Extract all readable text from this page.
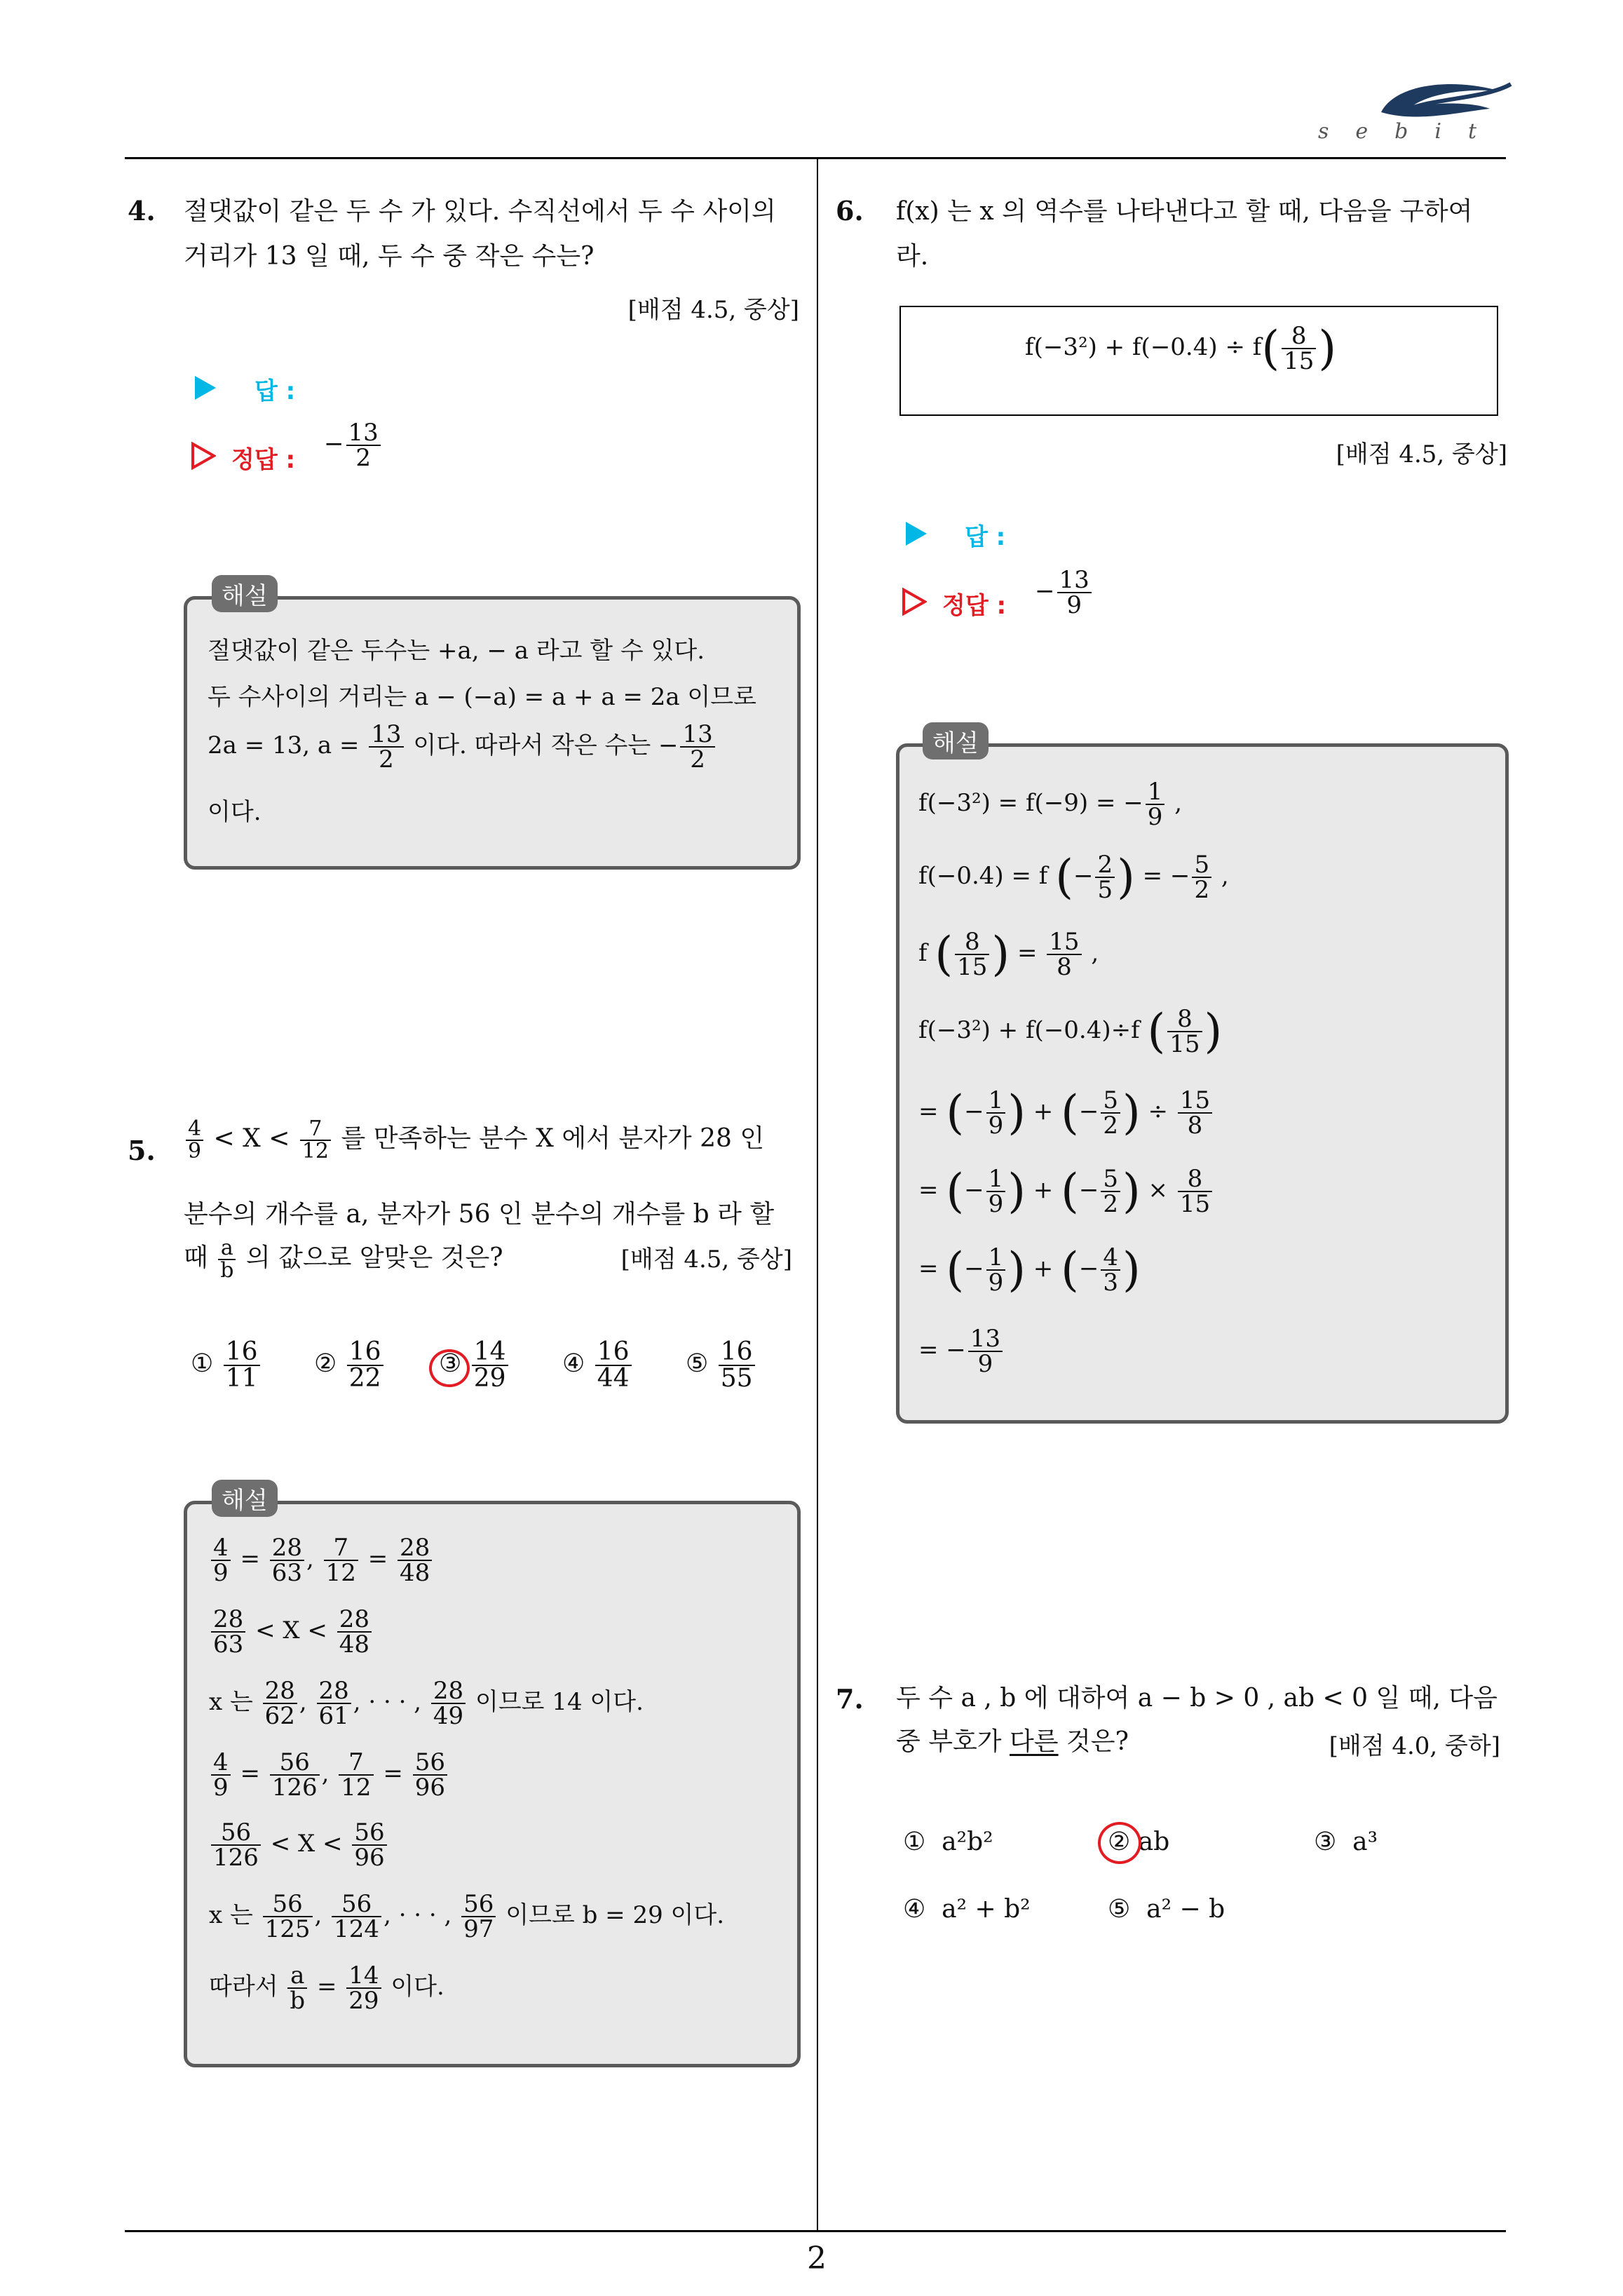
sebit
4. 절댓값이 같은 두 수 가 있다. 수직선에서 두 수 사이의
거리가 13 일 때, 두 수 중 작은 수는?
[배점 4.5, 중상]
답 :
정답 :
− $\frac{13}{2}$
해설
절댓값이 같은 두수는 +a, − a 라고 할 수 있다.
두 수사이의 거리는 a − (−a) = a + a = 2a 이므로
2a = 13, $a = \frac{13}{2}$ 이다. 따라서 작은 수는 − $\frac{13}{2}$
이다.
5. $\frac{4}{9} < X < \frac{7}{12}$ 를 만족하는 분수 X 에서 분자가 28 인
분수의 개수를 a, 분자가 56 인 분수의 개수를 b 라 할
때 $\frac{a}{b}$ 의 값으로 알맞은 것은?	[배점 4.5, 중상]
① $\frac{16}{11}$ ② $\frac{16}{22}$ ③ $\frac{14}{29}$ ④ $\frac{16}{44}$ ⑤ $\frac{16}{55}$
해설
$\frac{4}{9} = \frac{28}{63}$ , $\frac{7}{12} = \frac{28}{48}$
$\frac{28}{63} < X < \frac{28}{48}$
x 는 $\frac{28}{62}$ , $\frac{28}{61}$ , · · · , $\frac{28}{49}$ 이므로 14 이다.
$\frac{4}{9} = \frac{56}{126}$ , $\frac{7}{12} = \frac{56}{96}$
$\frac{56}{126} < X < \frac{56}{96}$
x 는 $\frac{56}{125}$ , $\frac{56}{124}$ , · · · , $\frac{56}{97}$ 이므로 b = 29 이다.
따라서 $\frac{a}{b} = \frac{14}{29}$ 이다.
6. f(x) 는 x 의 역수를 나타낸다고 할 때, 다음을 구하여
라.
$f(-3^2) + f(-0.4) \div f( \frac{8}{15}$ )
[배점 4.5, 중상]
답 :
정답 :
− $\frac{13}{9}$
해설
f(−3²) = f(−9) = − $\frac{1}{9}$ ,
f(−0.4) = f (− $\frac{2}{5}$ ) = − $\frac{5}{2}$ ,
f ( $\frac{8}{15}$ ) = $\frac{15}{8}$ ,
f(−3²) + f(−0.4)÷f ( $\frac{8}{15}$ )
= (− $\frac{1}{9}$ ) + (− $\frac{5}{2}$ ) ÷ $\frac{15}{8}$
= (− $\frac{1}{9}$ ) + (− $\frac{5}{2}$ ) × $\frac{8}{15}$
= (− $\frac{1}{9}$ ) + (− $\frac{4}{3}$ )
= − $\frac{13}{9}$
7. 두 수 a , b 에 대하여 a − b > 0 , ab < 0 일 때, 다음
중 부호가 다른 것은?	[배점 4.0, 중하]
① a²b²	② ab	③ a³
④ a² + b²	⑤ a² − b
2
